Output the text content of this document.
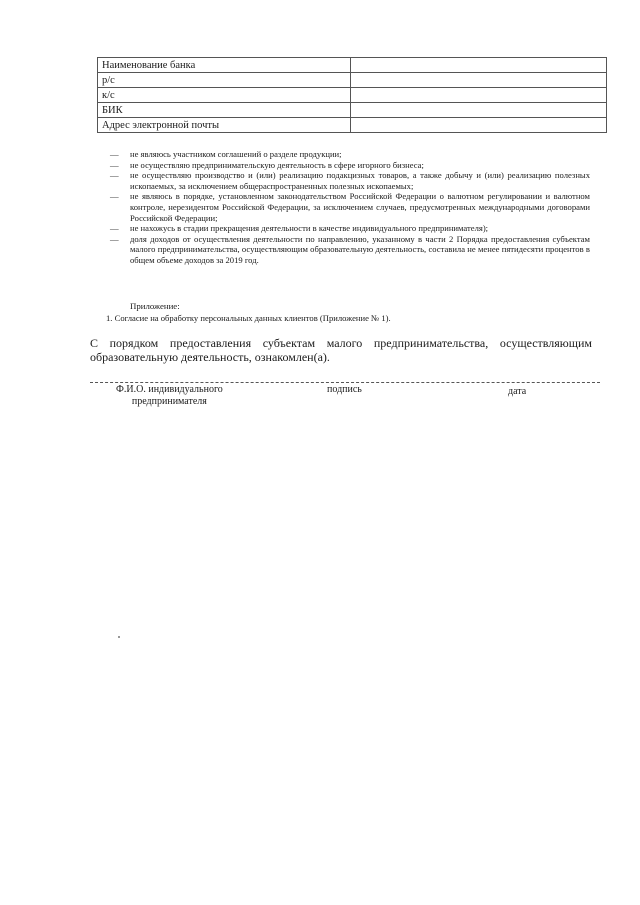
Наименование банка	
р/с	
к/с	
БИК	
Адрес электронной почты	
— не являюсь участником соглашений о разделе продукции;
— не осуществляю предпринимательскую деятельность в сфере игорного бизнеса;
— не осуществляю производство и (или) реализацию подакцизных товаров, а также добычу и (или) реализацию полезных ископаемых, за исключением общераспространенных полезных ископаемых;
— не являюсь в порядке, установленном законодательством Российской Федерации о валютном регулировании и валютном контроле, нерезидентом Российской Федерации, за исключением случаев, предусмотренных международными договорами Российской Федерации;
— не нахожусь в стадии прекращения деятельности в качестве индивидуального предпринимателя);
— доля доходов от осуществления деятельности по направлению, указанному в части 2 Порядка предоставления субъектам малого предпринимательства, осуществляющим образовательную деятельность, составила не менее пятидесяти процентов в общем объеме доходов за 2019 год.
Приложение:
1. Согласие на обработку персональных данных клиентов (Приложение № 1).
С порядком предоставления субъектам малого предпринимательства, осуществляющим образовательную деятельность, ознакомлен(а).
Ф.И.О. индивидуального
предпринимателя
подпись	дата
